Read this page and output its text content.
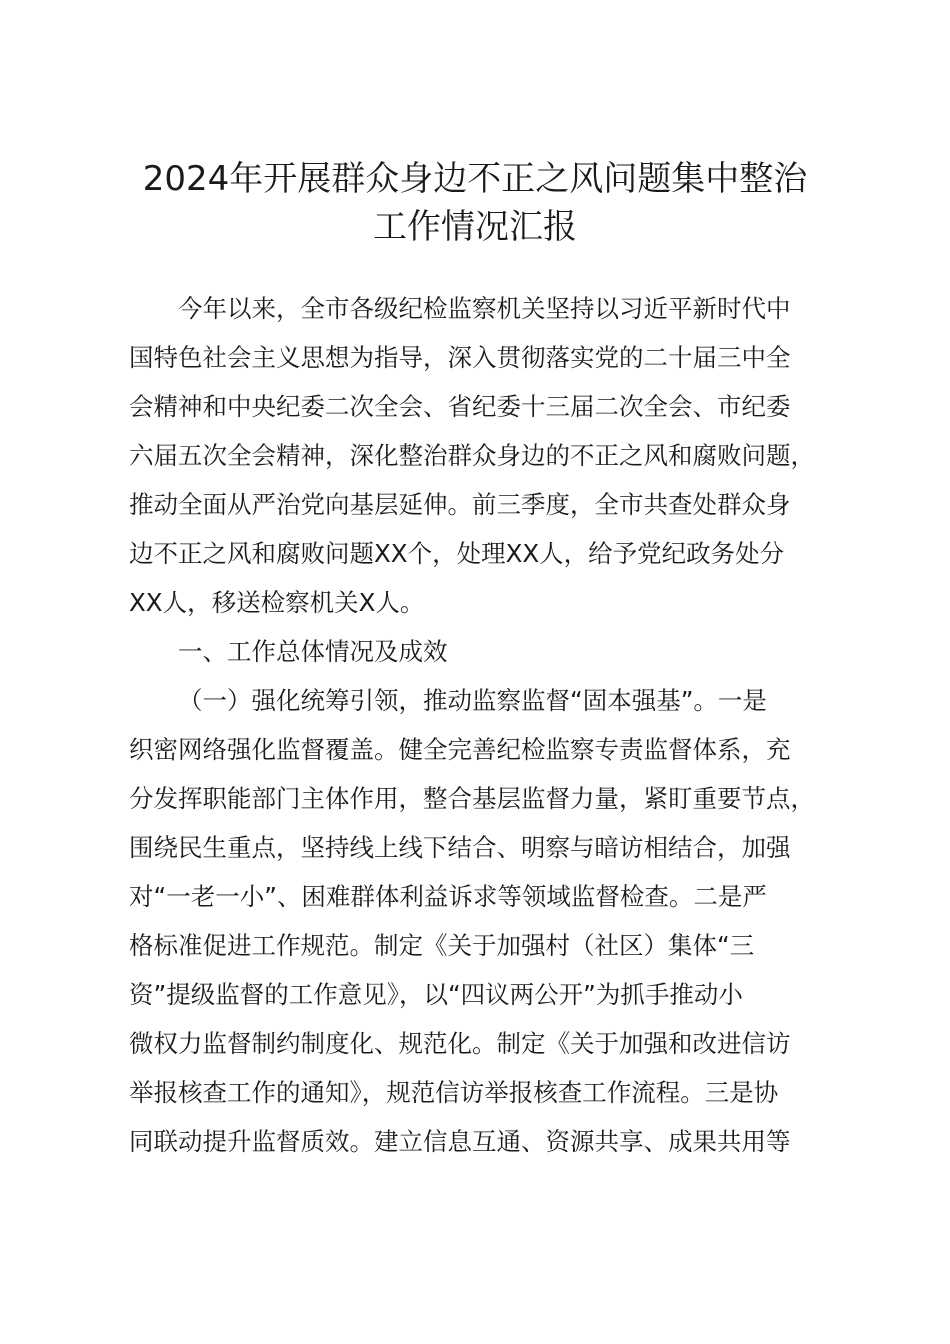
2024年开展群众身边不正之风问题集中整治
工作情况汇报
今年以来，全市各级纪检监察机关坚持以习近平新时代中
国特色社会主义思想为指导，深入贯彻落实党的二十届三中全
会精神和中央纪委二次全会、省纪委十三届二次全会、市纪委
六届五次全会精神，深化整治群众身边的不正之风和腐败问题，
推动全面从严治党向基层延伸。前三季度，全市共查处群众身
边不正之风和腐败问题XX个，处理XX人，给予党纪政务处分
XX人，移送检察机关X人。
一、工作总体情况及成效
（一）强化统筹引领，推动监察监督“固本强基”。一是
织密网络强化监督覆盖。健全完善纪检监察专责监督体系，充
分发挥职能部门主体作用，整合基层监督力量，紧盯重要节点，
围绕民生重点，坚持线上线下结合、明察与暗访相结合，加强
对“一老一小”、困难群体利益诉求等领域监督检查。二是严
格标准促进工作规范。制定《关于加强村（社区）集体“三
资”提级监督的工作意见》，以“四议两公开”为抓手推动小
微权力监督制约制度化、规范化。制定《关于加强和改进信访
举报核查工作的通知》，规范信访举报核查工作流程。三是协
同联动提升监督质效。建立信息互通、资源共享、成果共用等
